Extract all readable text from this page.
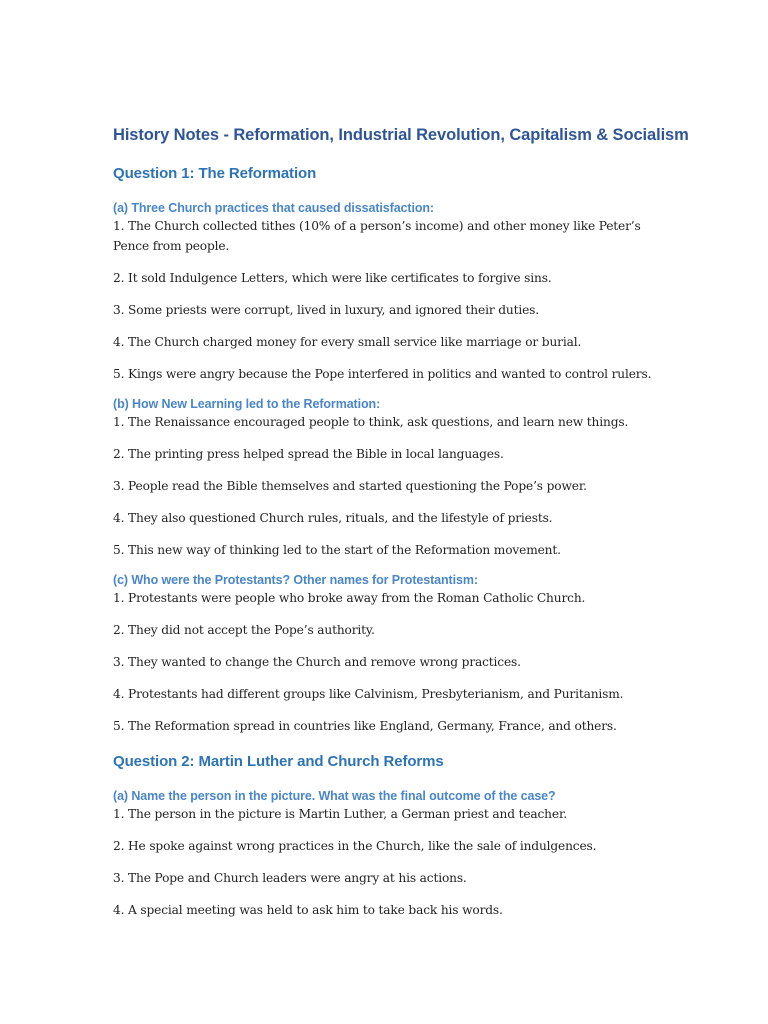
History Notes - Reformation, Industrial Revolution, Capitalism & Socialism
Question 1: The Reformation
(a) Three Church practices that caused dissatisfaction:

1. The Church collected tithes (10% of a person’s income) and other money like Peter’s Pence from people.

2. It sold Indulgence Letters, which were like certificates to forgive sins.

3. Some priests were corrupt, lived in luxury, and ignored their duties.

4. The Church charged money for every small service like marriage or burial.

5. Kings were angry because the Pope interfered in politics and wanted to control rulers.

(b) How New Learning led to the Reformation:

1. The Renaissance encouraged people to think, ask questions, and learn new things.

2. The printing press helped spread the Bible in local languages.

3. People read the Bible themselves and started questioning the Pope’s power.

4. They also questioned Church rules, rituals, and the lifestyle of priests.

5. This new way of thinking led to the start of the Reformation movement.

(c) Who were the Protestants? Other names for Protestantism:

1. Protestants were people who broke away from the Roman Catholic Church.

2. They did not accept the Pope’s authority.

3. They wanted to change the Church and remove wrong practices.

4. Protestants had different groups like Calvinism, Presbyterianism, and Puritanism.

5. The Reformation spread in countries like England, Germany, France, and others.

Question 2: Martin Luther and Church Reforms
(a) Name the person in the picture. What was the final outcome of the case?

1. The person in the picture is Martin Luther, a German priest and teacher.

2. He spoke against wrong practices in the Church, like the sale of indulgences.

3. The Pope and Church leaders were angry at his actions.

4. A special meeting was held to ask him to take back his words.
